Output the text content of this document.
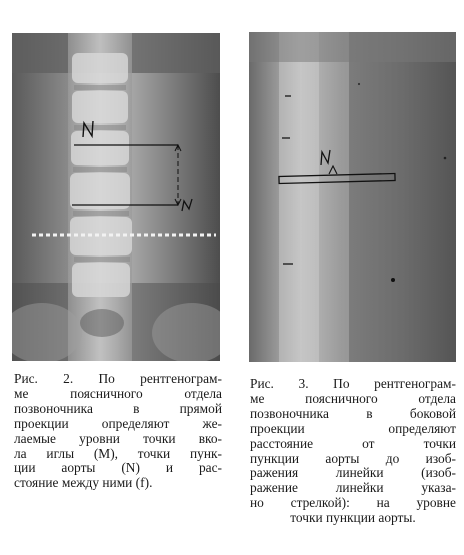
Рис. 2. По рентгенограм-
ме поясничного отдела
позвоночника в прямой
проекции определяют же-
лаемые уровни точки вко-
ла иглы (М), точки пунк-
ции аорты (N) и рас-
стояние между ними (f).
Рис. 3. По рентгенограм-
ме поясничного отдела
позвоночника в боковой
проекции определяют
расстояние от точки
пункции аорты до изоб-
ражения линейки (изоб-
ражение линейки указа-
но стрелкой): на уровне
точки пункции аорты.
